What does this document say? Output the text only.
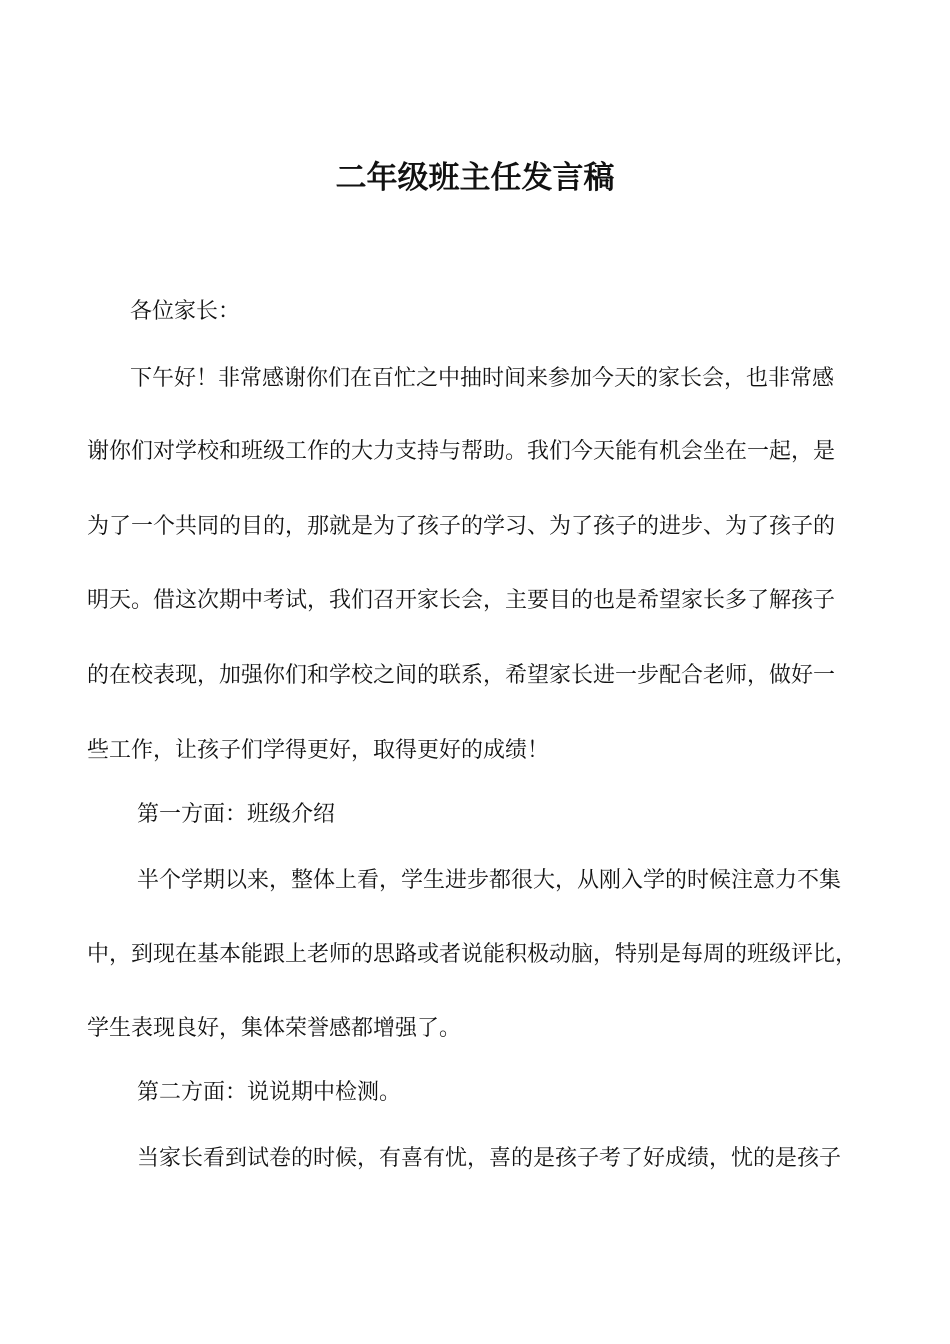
二年级班主任发言稿

各位家长：

下午好！非常感谢你们在百忙之中抽时间来参加今天的家长会，也非常感

谢你们对学校和班级工作的大力支持与帮助。我们今天能有机会坐在一起，是

为了一个共同的目的，那就是为了孩子的学习、为了孩子的进步、为了孩子的

明天。借这次期中考试，我们召开家长会，主要目的也是希望家长多了解孩子

的在校表现，加强你们和学校之间的联系，希望家长进一步配合老师，做好一

些工作，让孩子们学得更好，取得更好的成绩！

第一方面：班级介绍

半个学期以来，整体上看，学生进步都很大，从刚入学的时候注意力不集

中，到现在基本能跟上老师的思路或者说能积极动脑，特别是每周的班级评比，

学生表现良好，集体荣誉感都增强了。

第二方面：说说期中检测。

当家长看到试卷的时候，有喜有忧，喜的是孩子考了好成绩，忧的是孩子
